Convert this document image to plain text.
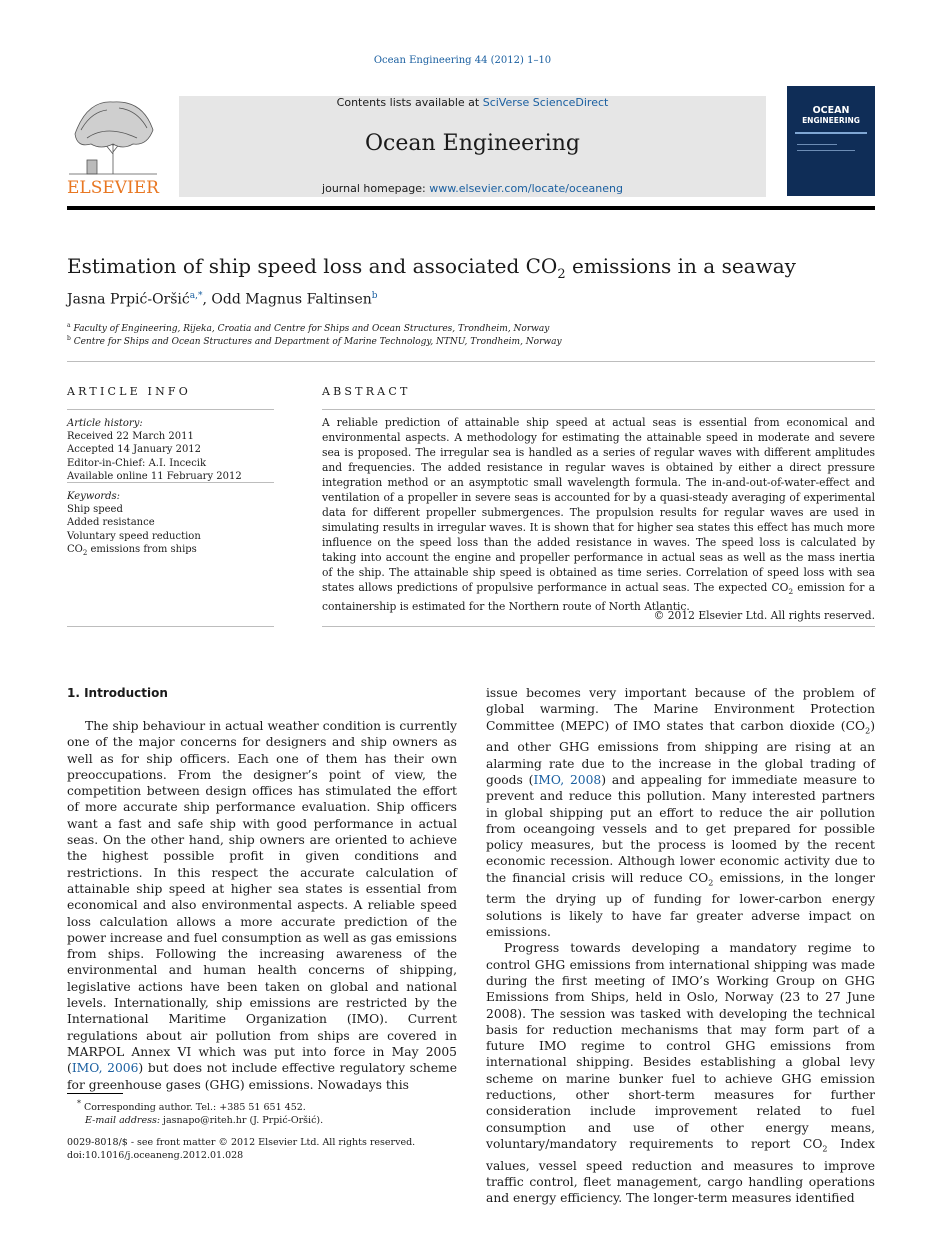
Ocean Engineering 44 (2012) 1–10
ELSEVIER
Contents lists available at SciVerse ScienceDirect
Ocean Engineering
journal homepage: www.elsevier.com/locate/oceaneng
OCEAN
ENGINEERING
Estimation of ship speed loss and associated $CO_2$ emissions in a seaway
Jasna Prpić-Oršić$^{a,*}$, Odd Magnus Faltinsen$^b$
$^a$ Faculty of Engineering, Rijeka, Croatia and Centre for Ships and Ocean Structures, Trondheim, Norway
$^b$ Centre for Ships and Ocean Structures and Department of Marine Technology, NTNU, Trondheim, Norway
ARTICLE INFO
Article history:
Received 22 March 2011
Accepted 14 January 2012
Editor-in-Chief: A.I. Incecik
Available online 11 February 2012
Keywords:
Ship speed
Added resistance
Voluntary speed reduction
$CO_2$ emissions from ships
ABSTRACT
A reliable prediction of attainable ship speed at actual seas is essential from economical and environmental aspects. A methodology for estimating the attainable speed in moderate and severe sea is proposed. The irregular sea is handled as a series of regular waves with different amplitudes and frequencies. The added resistance in regular waves is obtained by either a direct pressure integration method or an asymptotic small wavelength formula. The in-and-out-of-water-effect and ventilation of a propeller in severe seas is accounted for by a quasi-steady averaging of experimental data for different propeller submergences. The propulsion results for regular waves are used in simulating results in irregular waves. It is shown that for higher sea states this effect has much more influence on the speed loss than the added resistance in waves. The speed loss is calculated by taking into account the engine and propeller performance in actual seas as well as the mass inertia of the ship. The attainable ship speed is obtained as time series. Correlation of speed loss with sea states allows predictions of propulsive performance in actual seas. The expected $CO_2$ emission for a containership is estimated for the Northern route of North Atlantic.
© 2012 Elsevier Ltd. All rights reserved.
1. Introduction

The ship behaviour in actual weather condition is currently one of the major concerns for designers and ship owners as well as for ship officers. Each one of them has their own preoccupations. From the designer’s point of view, the competition between design offices has stimulated the effort of more accurate ship performance evaluation. Ship officers want a fast and safe ship with good performance in actual seas. On the other hand, ship owners are oriented to achieve the highest possible profit in given conditions and restrictions. In this respect the accurate calculation of attainable ship speed at higher sea states is essential from economical and also environmental aspects. A reliable speed loss calculation allows a more accurate prediction of the power increase and fuel consumption as well as gas emissions from ships. Following the increasing awareness of the environmental and human health concerns of shipping, legislative actions have been taken on global and national levels. Internationally, ship emissions are restricted by the International Maritime Organization (IMO). Current regulations about air pollution from ships are covered in MARPOL Annex VI which was put into force in May 2005 (IMO, 2006) but does not include effective regulatory scheme for greenhouse gases (GHG) emissions. Nowadays this

issue becomes very important because of the problem of global warming. The Marine Environment Protection Committee (MEPC) of IMO states that carbon dioxide $(CO_2)$ and other GHG emissions from shipping are rising at an alarming rate due to the increase in the global trading of goods (IMO, 2008) and appealing for immediate measure to prevent and reduce this pollution. Many interested partners in global shipping put an effort to reduce the air pollution from oceangoing vessels and to get prepared for possible policy measures, but the process is loomed by the recent economic recession. Although lower economic activity due to the financial crisis will reduce $CO_2$ emissions, in the longer term the drying up of funding for lower-carbon energy solutions is likely to have far greater adverse impact on emissions.

Progress towards developing a mandatory regime to control GHG emissions from international shipping was made during the first meeting of IMO’s Working Group on GHG Emissions from Ships, held in Oslo, Norway (23 to 27 June 2008). The session was tasked with developing the technical basis for reduction mechanisms that may form part of a future IMO regime to control GHG emissions from international shipping. Besides establishing a global levy scheme on marine bunker fuel to achieve GHG emission reductions, other short-term measures for further consideration include improvement related to fuel consumption and use of other energy means, voluntary/mandatory requirements to report $CO_2$ Index values, vessel speed reduction and measures to improve traffic control, fleet management, cargo handling operations and energy efficiency. The longer-term measures identified

* Corresponding author. Tel.: +385 51 651 452.
E-mail address: jasnapo@riteh.hr (J. Prpić-Oršić).
0029-8018/$ - see front matter © 2012 Elsevier Ltd. All rights reserved.
doi:10.1016/j.oceaneng.2012.01.028
